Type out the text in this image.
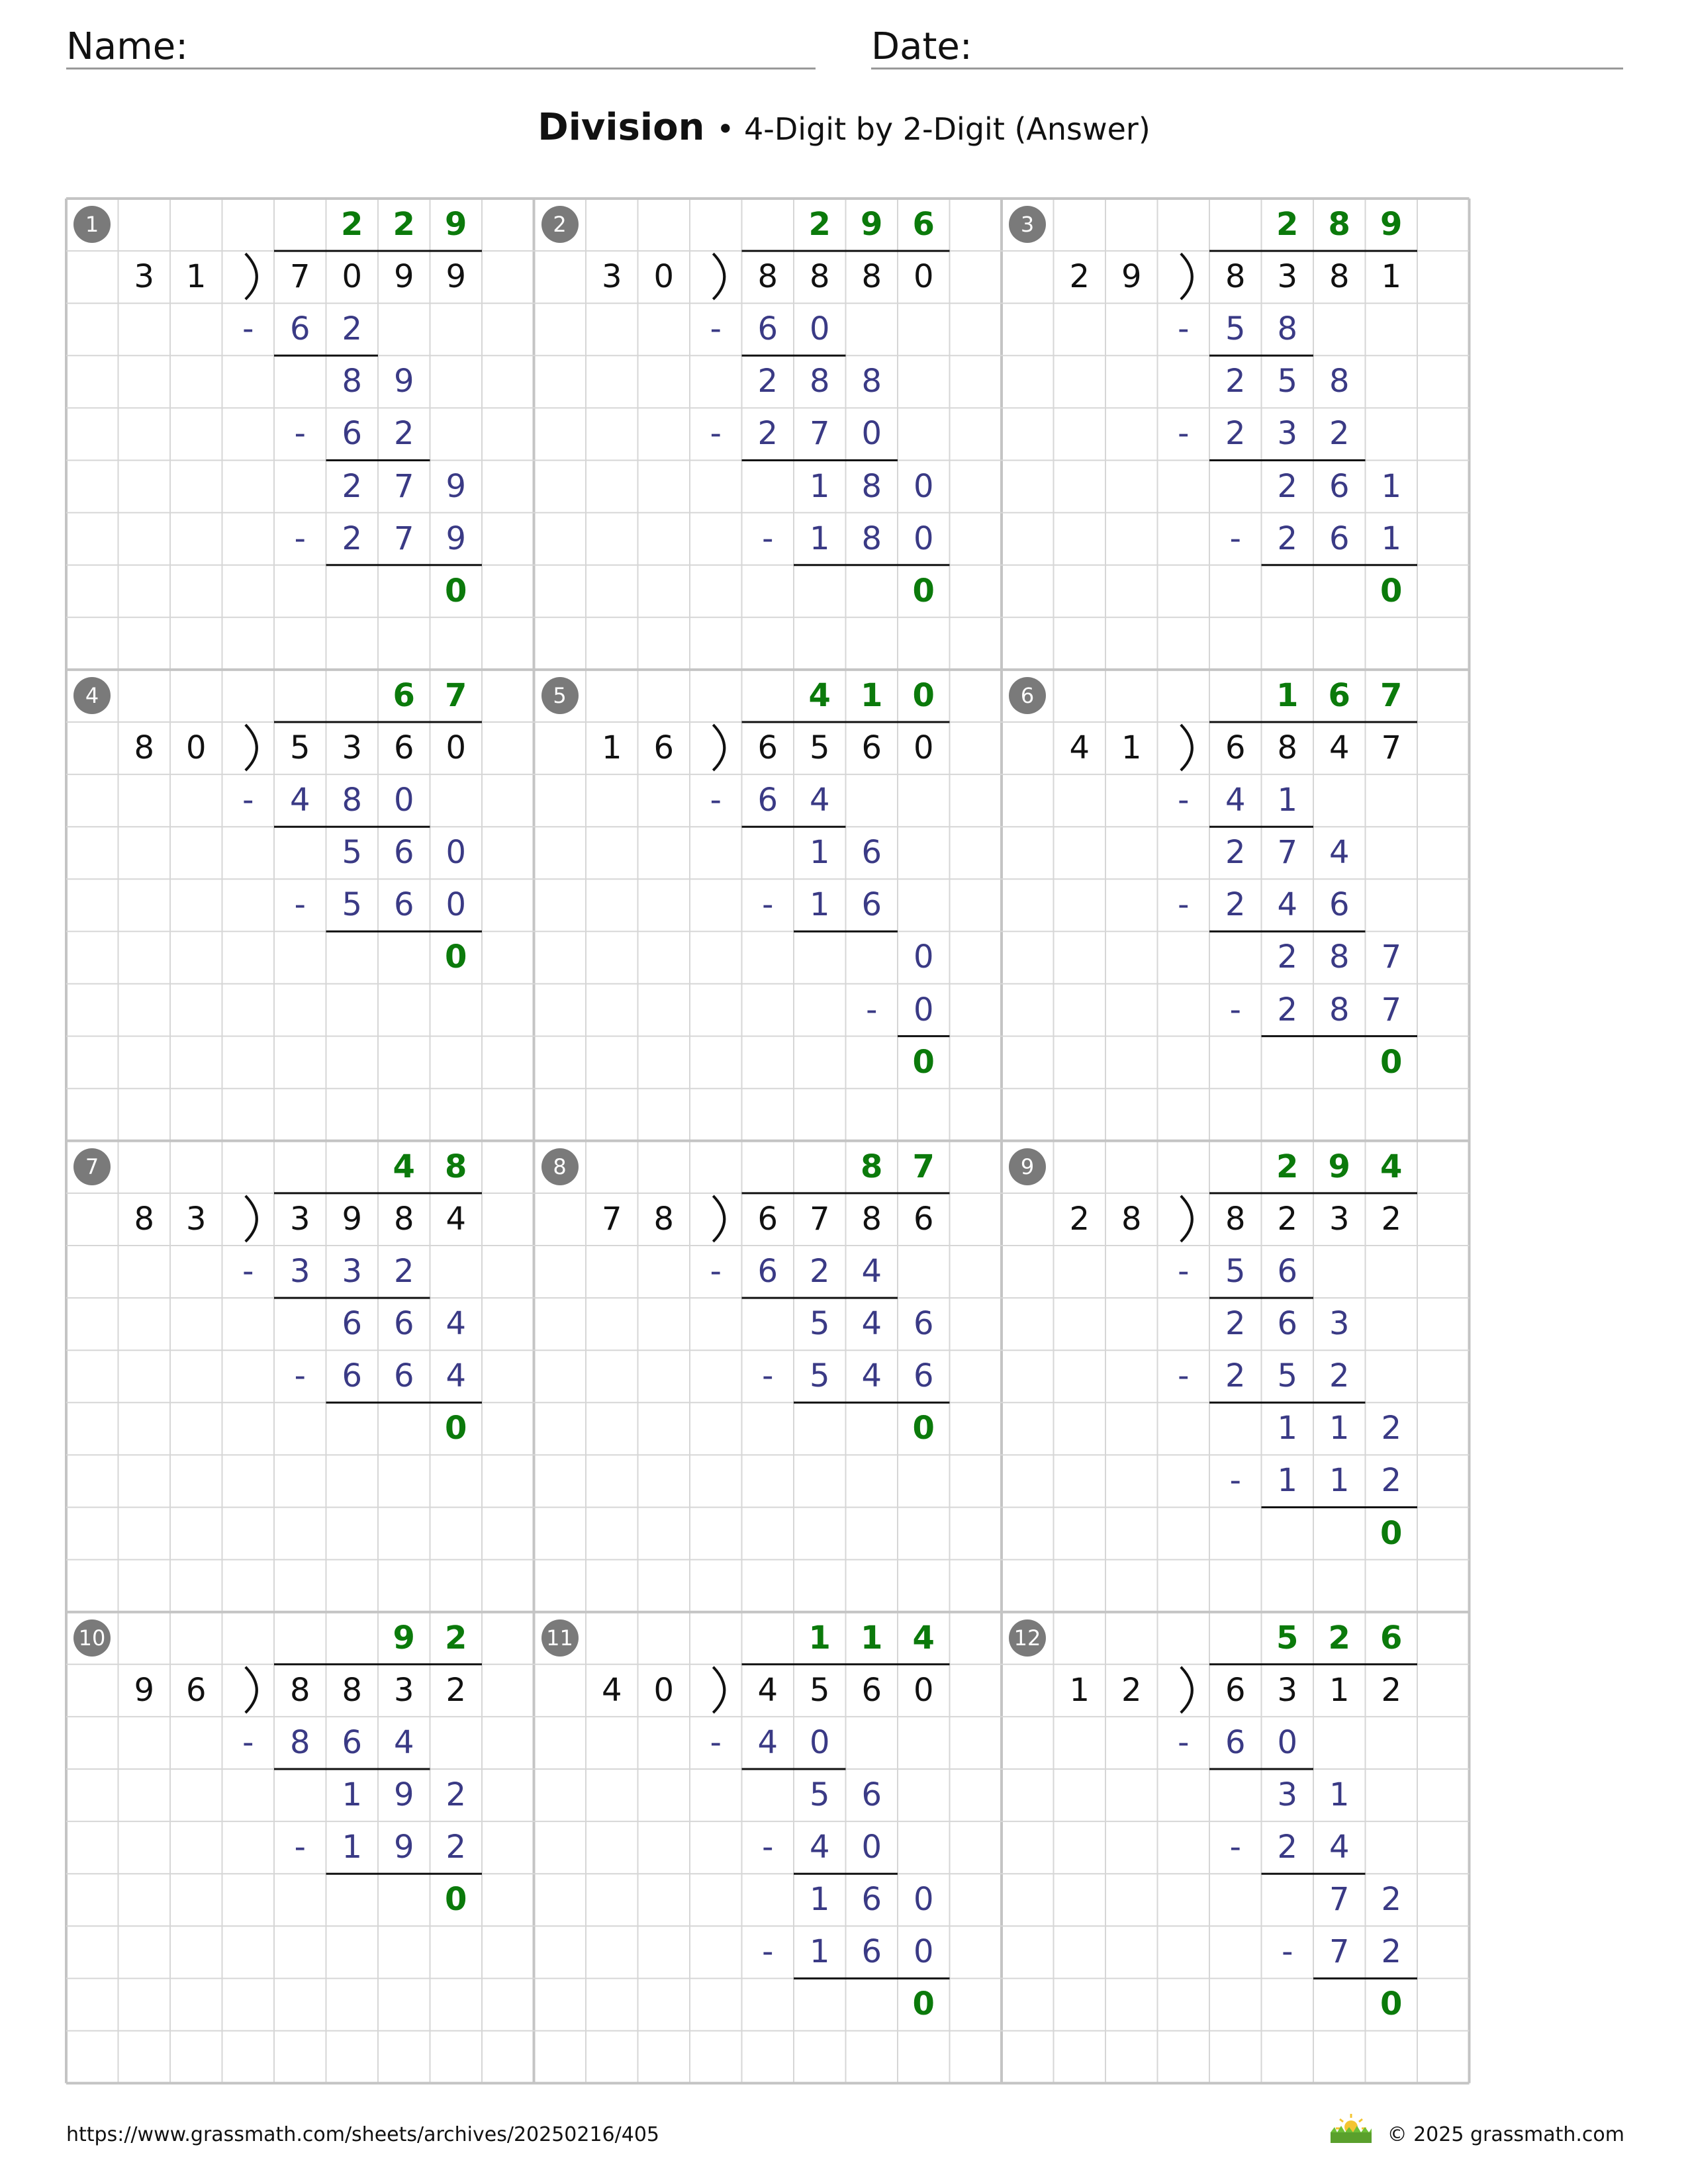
Name:	Date:
Division • 4-Digit by 2-Digit (Answer)
1	2 2 9
3 1	7 0 9 9
-	6 2
8 9
-	6 2
2 7 9
-	2 7 9
0
2	2 9 6
3 0	8 8 8 0
-	6 0
2 8 8
-	2 7 0
1 8 0
-	1 8 0
0
3	2 8 9
2 9	8 3 8 1
-	5 8
2 5 8
-	2 3 2
2 6 1
-	2 6 1
0
4	6 7
8 0	5 3 6 0
-	4 8 0
5 6 0
-	5 6 0
0
5	4 1 0
1 6	6 5 6 0
-	6 4
1 6
-	1 6
0
-	0
0
6	1 6 7
4 1	6 8 4 7
-	4 1
2 7 4
-	2 4 6
2 8 7
-	2 8 7
0
7	4 8
8 3	3 9 8 4
-	3 3 2
6 6 4
-	6 6 4
0
8	8 7
7 8	6 7 8 6
-	6 2 4
5 4 6
-	5 4 6
0
9	2 9 4
2 8	8 2 3 2
-	5 6
2 6 3
-	2 5 2
1 1 2
-	1 1 2
0
10	9 2
9 6	8 8 3 2
-	8 6 4
1 9 2
-	1 9 2
0
11	1 1 4
4 0	4 5 6 0
-	4 0
5 6
-	4 0
1 6 0
-	1 6 0
0
12	5 2 6
1 2	6 3 1 2
-	6 0
3 1
-	2 4
7 2
-	7 2
0
https://www.grassmath.com/sheets/archives/20250216/405	© 2025 grassmath.com
